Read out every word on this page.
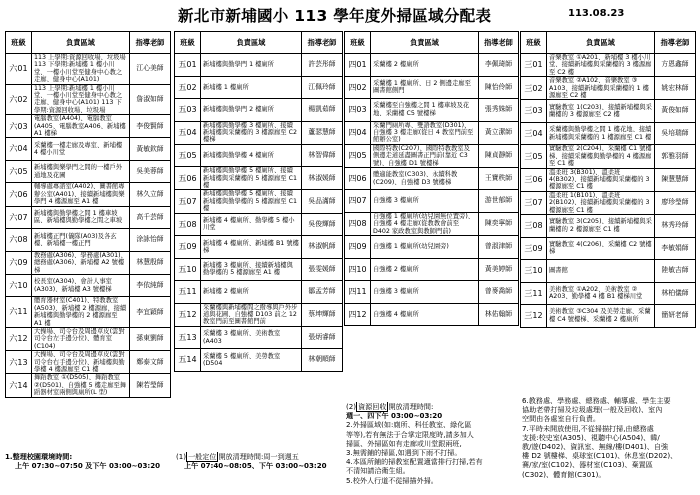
新北市新埔國小 113 學年度外掃區域分配表	113.08.23
班級	負責區域	指導老師
六01	113 上學期:資源回收場、垃圾場 113 下學期:新埔樓 1 樓小川堂、一樓小川堂至健身中心教之走廊、健身中心(A101)	江心美師
六02	113 上學期:新埔樓 1 樓小川堂、一樓小川堂至健身中心教之走廊、健身中心(A101) 113 下學期:資源回收場、垃圾場	詹淑如師
六03	電腦教室(A404)、電腦教室(A405、電腦教室A406、新埔樓A1 樓梯	李俊賢師
六04	采蘭樓一樓走廊及專室、新埔樓 4 樓小川堂	黃敏欽師
六05	新埔樓與樂學門之間的一樓戶外通地及花圃	吳美蓉師
六06	輔導處專諮室(A402)、圖書館專辦公室(A401)、接續新埔樓與樂學門 4 樓源廊至 A1 樓	林久立師
六07	新埔樓與勤學樓之間 1 樓車坡區、新埔樓與勤學樓之間之車坡	高千芸師
六08	新埔樓正門(儀隊(A03)及各玄樓、新埔樓一樓正門	涂詠怡師
六09	教務處(A306)、學務處(A301)、總務處(A306)、新埔樓 A2 號樓梯	林慧殷師
六10	校長室(A304)、會計人事室(A303)、新埔樓 A3 號樓梯	李依純師
六11	體育器材室(C401)、特教教室(A503)、新埔樓 2 樓源廊、接續新埔樓與勤學樓的 2 樓源廊至 A1 樓	李宜穎師
六12	大操場、司令台及周邊草皮(雲對司令台左手邊分位)、體育室(C104)	孫東劉師
六13	大操場、司令台及周邊草皮(雲對司令台右手邊分位)、新埔樓與勤學樓 4 樓源廊至 C1 樓	鄭泰文師
六14	舞蹈教室 ①(D505)、舞蹈教室 ②(D501)、自強樓 5 樓走廊至舞蹈器材室兩側與廁所(L 型)	陳若瑩師
班級	負責區域	指導老師
五01	新埔樓與勤學門 1 樓廁所	許芸彤師
五02	新埔樓 1 樓廁所	江佩玲師
五03	新埔樓與勤學門 2 樓廁所	楊凱茹師
五04	新埔樓與勤學樓 3 樓廁所、接續新埔樓與采蘭樓的 3 樓源廊至 C2 樓梯	蘆瑟慧師
五05	新埔樓與勤學樓 4 樓廁所	林智偉師
五06	新埔樓與勤學樓 5 樓廁所、接續新埔樓與采蘭樓的 5 樓源廊至 C1 樓	林淑媛師
五07	新埔樓與勤學樓 5 樓廁所、接續新埔樓與勤學樓的 5 樓源廊至 C1 樓	吳品滿師
五08	新埔樓 4 樓廁所、勤學樓 5 樓小川堂	吳俊輝師
五09	新埔樓 4 樓廁所、新埔樓 B1 號樓梯	林淑帆師
五10	新埔樓 3 樓廁所、接續新埔樓與勤學樓的 5 樓源廊至 A1 樓	張雯媛師
五11	新埔樓 2 樓廁所	鄒孟芳師
五12	采蘭樓與新埔樓間之撥導與戶外步道與花圃、自強樓 D103 前之 12 教室門前至圖書館門前	蔡坤輝師
五13	采蘭樓 3 樓廁所、美術教室(A403	張炳睿師
五14	采蘭樓 5 樓廁所、美勞教室(D504	林朝順師
班級	負責區域	指導老師
四01	采蘭樓 2 樓廁所	李佩琦師
四02	采蘭樓 1 樓廁所、日 2 側邊走廊至圖書館側門	陳怡伶師
四03	采蘭樓至自強樓之間 1 樓車坡及花地、采蘭樓 C5 號樓梯	張秀姝師
四04	采蘭門廁所專、雙語教室(D301)、自強樓 3 樓走廊(從日 4 教室門前至館辦公室)	黃立潔師
四05	國際特教(C207)、國際特教教室及側邊走道延盡圖書正門前(靠近 C3 號)、自強樓 D1 號樓梯	陳貞靜師
四06	體適能教室(C303)、永續科教(C209)、自強樓 D3 號樓梯	王寶秩師
四07	自強樓 3 樓廁所	游世郁師
四08	自強樓 1 樓廁所(幼兒園無位置旁)、自強樓 4 樓走廊(從教教會前至 D402 家政教室與教師門前)	陳奕寧師
四09	自強樓 1 樓廁所(幼兒園旁)	曾淑津師
四10	自強樓 2 樓廁所	黃美婷師
四11	自強樓 3 樓廁所	曾麥喬師
四12	自強樓 4 樓廁所	林佑翰師
班級	負責區域	指導老師
三01	音樂教室 ①A201、新埔樓 3 樓小川堂、接續新埔樓與采蘭樓的 3 樓源廊至 C2 樓	方恩鑫師
三02	音樂教室 ②A102、音樂教室 ③ A103、接續新埔樓與采蘭樓的 1 樓源廊至 C2 樓	姚宏林師
三03	實驗教室 1(C203)、接續新埔樓與采蘭樓的 3 樓源廊至 C2 樓	黃俊如師
三04	采蘭樓與勤學樓之間 1 樓花地、接續新埔樓與采蘭樓的 1 樓源廊至 C1 樓	吳培瑞師
三05	實驗教室 2(C204)、采蘭樓 C1 號樓梯、接續采蘭樓與勤學樓的 4 樓源廊至 C1 樓	郭雅羽師
三06	溫柔班 3(B301)、溫柔班 4(B302)、接續新埔樓與采蘭樓的 3 樓源廊至 C1 樓	陳慧慧師
三07	溫柔班 1(B101)、溫柔班 2(B102)、接續新埔樓與采蘭樓的 3 樓源廊至 C1 樓	廖珍瑩師
三08	實驗教室 3(C205)、接續新埔樓與采蘭樓的 2 樓源廊至 C1 樓	林秀玲師
三09	實驗教室 4(C206)、采蘭樓 C2 號樓梯	李敏娟師
三10	圖書館	陸敏吉師
三11	美術教室 ①A202、美術教室 ② A203、勤學樓 4 樓 B1 樓梯川堂	林柏儀師
三12	美術教室 ③C304 及美勞走廊、采蘭樓 C4 號樓梯、采蘭樓 2 樓廁所	簡妍老師
1.整理校園環境時間:
上午 07:30~07:50 及下午 03:00~03:20
(1) 一般定位 開放清理時間:周一到週五
上午 07:40~08:05、下午 03:00~03:20
(2) 資源回收 開放清理時間:
週一、四下午 03:00~03:20
2.外掃區域(如:廁所、科任教室、綠化區
等等),若有無法于合掌定限度時,請多加人
掃區、外掃區如有走廊或川堂跟兩班,
3.無需鋪的掃區,如遇到下雨不打掃。
4.本區所鋪的掃教室配置適當排行打掃,若有
不清知請洽衛生組。
5.校外人行道不從掃描外掃。
6.教務處、學務處、總務處、輔導處、學生主要
協助老帶打掃及垃圾處理(一般及回收)、室內
空間由各處室自行負責。
7.平時未開放使用,不從掃描打掃,由總務處
支援:校史室(A305)、視聽中心(A504)、韓/
教/遊(D402)、資訊室、無線/樓(D401)、自強
樓 D2 號樓梯、桌球室(C101)、休息室(D202)、
賽/家/室(C102)、器材室(C103)、棄置區
(C302)、體育館(C301)。
